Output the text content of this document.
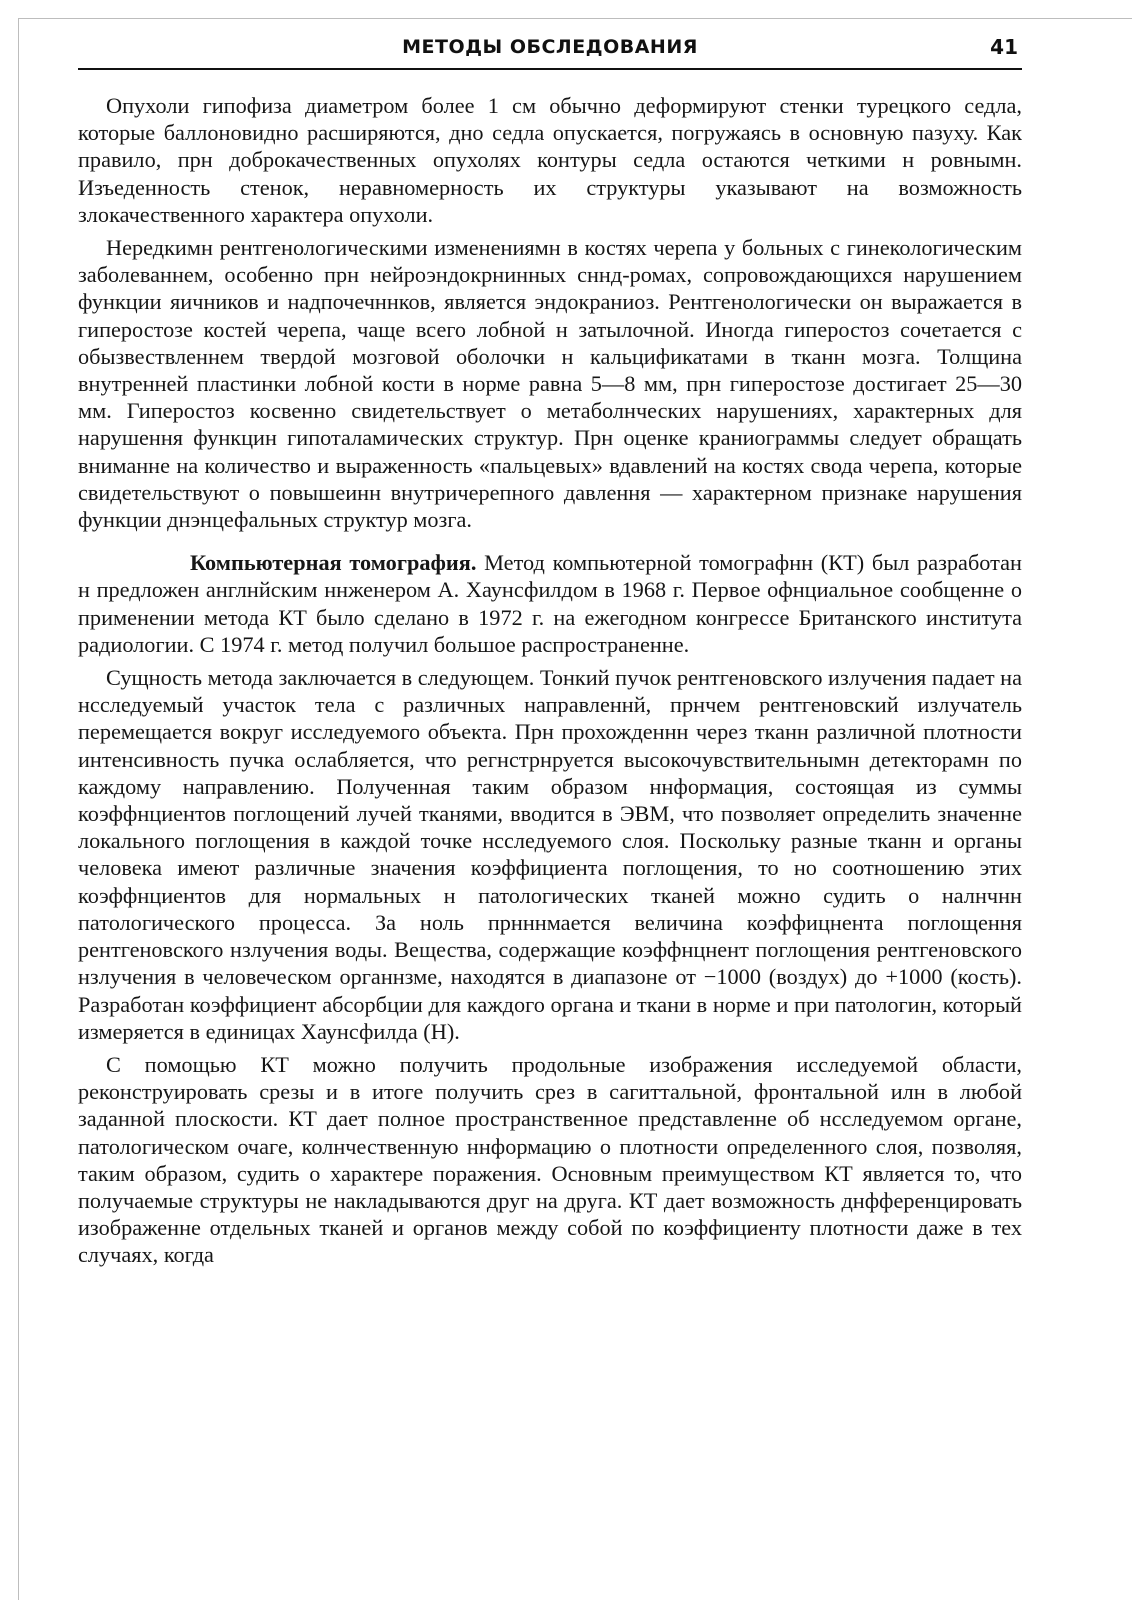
МЕТОДЫ ОБСЛЕДОВАНИЯ	41

Опухоли гипофиза диаметром более 1 см обычно деформируют стенки турецкого седла, которые баллоновидно расширяются, дно седла опускается, погружаясь в основную пазуху. Как правило, прн доброкачественных опухолях контуры седла остаются четкими н ровнымн. Изъеденность стенок, неравномерность их структуры указывают на возможность злокачественного характера опухоли.

Нередкимн рентгенологическими изменениямн в костях черепа у больных с гинекологическим заболеваннем, особенно прн нейроэндокрнинных сннд-ромах, сопровождающихся нарушением функции яичников и надпочечннков, является эндокраниоз. Рентгенологически он выражается в гиперостозе костей черепа, чаще всего лобной н затылочной. Иногда гиперостоз сочетается с обызвествленнем твердой мозговой оболочки н кальцификатами в тканн мозга. Толщина внутренней пластинки лобной кости в норме равна 5—8 мм, прн гиперостозе достигает 25—30 мм. Гиперостоз косвенно свидетельствует о метаболнческих нарушениях, характерных для нарушення функцин гипоталамических структур. Прн оценке краниограммы следует обращать вниманне на количество и выраженность «пальцевых» вдавлений на костях свода черепа, которые свидетельствуют о повышеинн внутричерепного давлення — характерном признаке нарушения функции днэнцефальных структур мозга.

Компьютерная томография. Метод компьютерной томографнн (КТ) был разработан н предложен англнйским ннженером А. Хаунсфилдом в 1968 г. Первое офнциальное сообщенне о применении метода КТ было сделано в 1972 г. на ежегодном конгрессе Британского института радиологии. С 1974 г. метод получил большое распространенне.

Сущность метода заключается в следующем. Тонкий пучок рентгеновского излучения падает на нсследуемый участок тела с различных направленнй, прнчем рентгеновский излучатель перемещается вокруг исследуемого объекта. Прн прохожденнн через тканн различной плотности интенсивность пучка ослабляется, что регнстрнруется высокочувствительнымн детекторамн по каждому направлению. Полученная таким образом ннформация, состоящая из суммы коэффнциентов поглощений лучей тканями, вводится в ЭВМ, что позволяет определить значенне локального поглощения в каждой точке нсследуемого слоя. Поскольку разные тканн и органы человека имеют различные значения коэффициента поглощения, то но соотношению этих коэффнциентов для нормальных н патологических тканей можно судить о налнчнн патологического процесса. За ноль прнннмается величина коэффицнента поглощення рентгеновского нзлучения воды. Вещества, содержащие коэффнцнент поглощения рентгеновского нзлучения в человеческом органнзме, находятся в диапазоне от −1000 (воздух) до +1000 (кость). Разработан коэффициент абсорбции для каждого органа и ткани в норме и при патологин, который измеряется в единицах Хаунсфилда (Н).

С помощью КТ можно получить продольные изображения исследуемой области, реконструировать срезы и в итоге получить срез в сагиттальной, фронтальной илн в любой заданной плоскости. КТ дает полное пространственное представленне об нсследуемом органе, патологическом очаге, колнчественную ннформацию о плотности определенного слоя, позволяя, таким образом, судить о характере поражения. Основным преимуществом КТ является то, что получаемые структуры не накладываются друг на друга. КТ дает возможность днфференцировать изображенне отдельных тканей и органов между собой по коэффициенту плотности даже в тех случаях, когда
